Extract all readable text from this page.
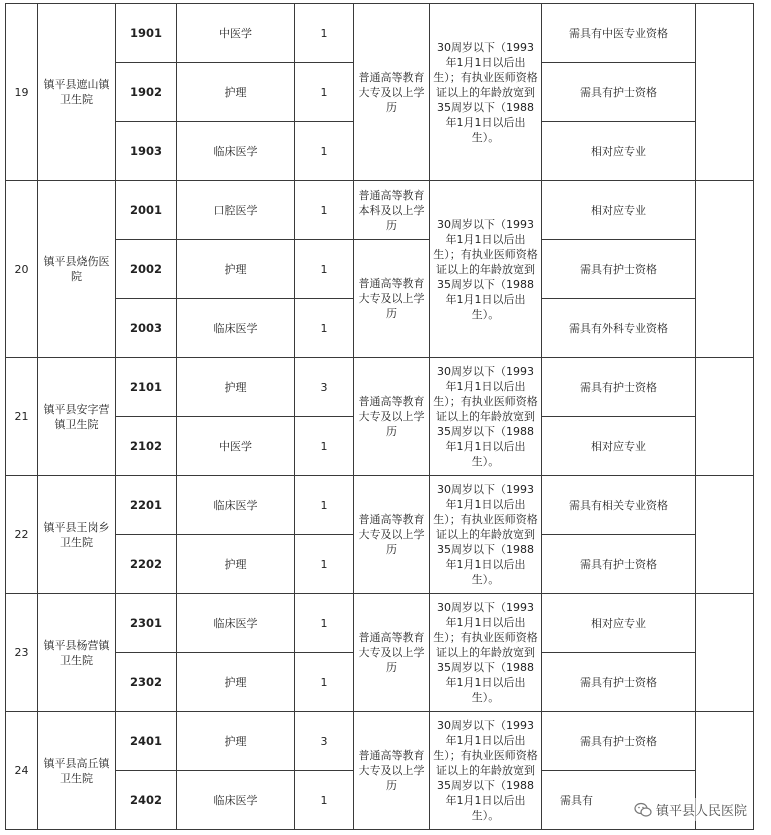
19	镇平县遮山镇卫生院	1901	中医学	1	普通高等教育大专及以上学历	30周岁以下（1993年1月1日以后出生）；有执业医师资格证以上的年龄放宽到35周岁以下（1988年1月1日以后出生）。	需具有中医专业资格	
		1902	护理	1			需具有护士资格	
		1903	临床医学	1			相对应专业	
20	镇平县烧伤医院	2001	口腔医学	1	普通高等教育本科及以上学历	30周岁以下（1993年1月1日以后出生）；有执业医师资格证以上的年龄放宽到35周岁以下（1988年1月1日以后出生）。	相对应专业	
		2002	护理	1	普通高等教育大专及以上学历		需具有护士资格	
		2003	临床医学	1			需具有外科专业资格	
21	镇平县安字营镇卫生院	2101	护理	3	普通高等教育大专及以上学历	30周岁以下（1993年1月1日以后出生）；有执业医师资格证以上的年龄放宽到35周岁以下（1988年1月1日以后出生）。	需具有护士资格	
		2102	中医学	1			相对应专业	
22	镇平县王岗乡卫生院	2201	临床医学	1	普通高等教育大专及以上学历	30周岁以下（1993年1月1日以后出生）；有执业医师资格证以上的年龄放宽到35周岁以下（1988年1月1日以后出生）。	需具有相关专业资格	
		2202	护理	1			需具有护士资格	
23	镇平县杨营镇卫生院	2301	临床医学	1	普通高等教育大专及以上学历	30周岁以下（1993年1月1日以后出生）；有执业医师资格证以上的年龄放宽到35周岁以下（1988年1月1日以后出生）。	相对应专业	
		2302	护理	1			需具有护士资格	
24	镇平县高丘镇卫生院	2401	护理	3	普通高等教育大专及以上学历	30周岁以下（1993年1月1日以后出生）；有执业医师资格证以上的年龄放宽到35周岁以下（1988年1月1日以后出生）。	需具有护士资格	
		2402	临床医学	1			需具有	
镇平县人民医院
